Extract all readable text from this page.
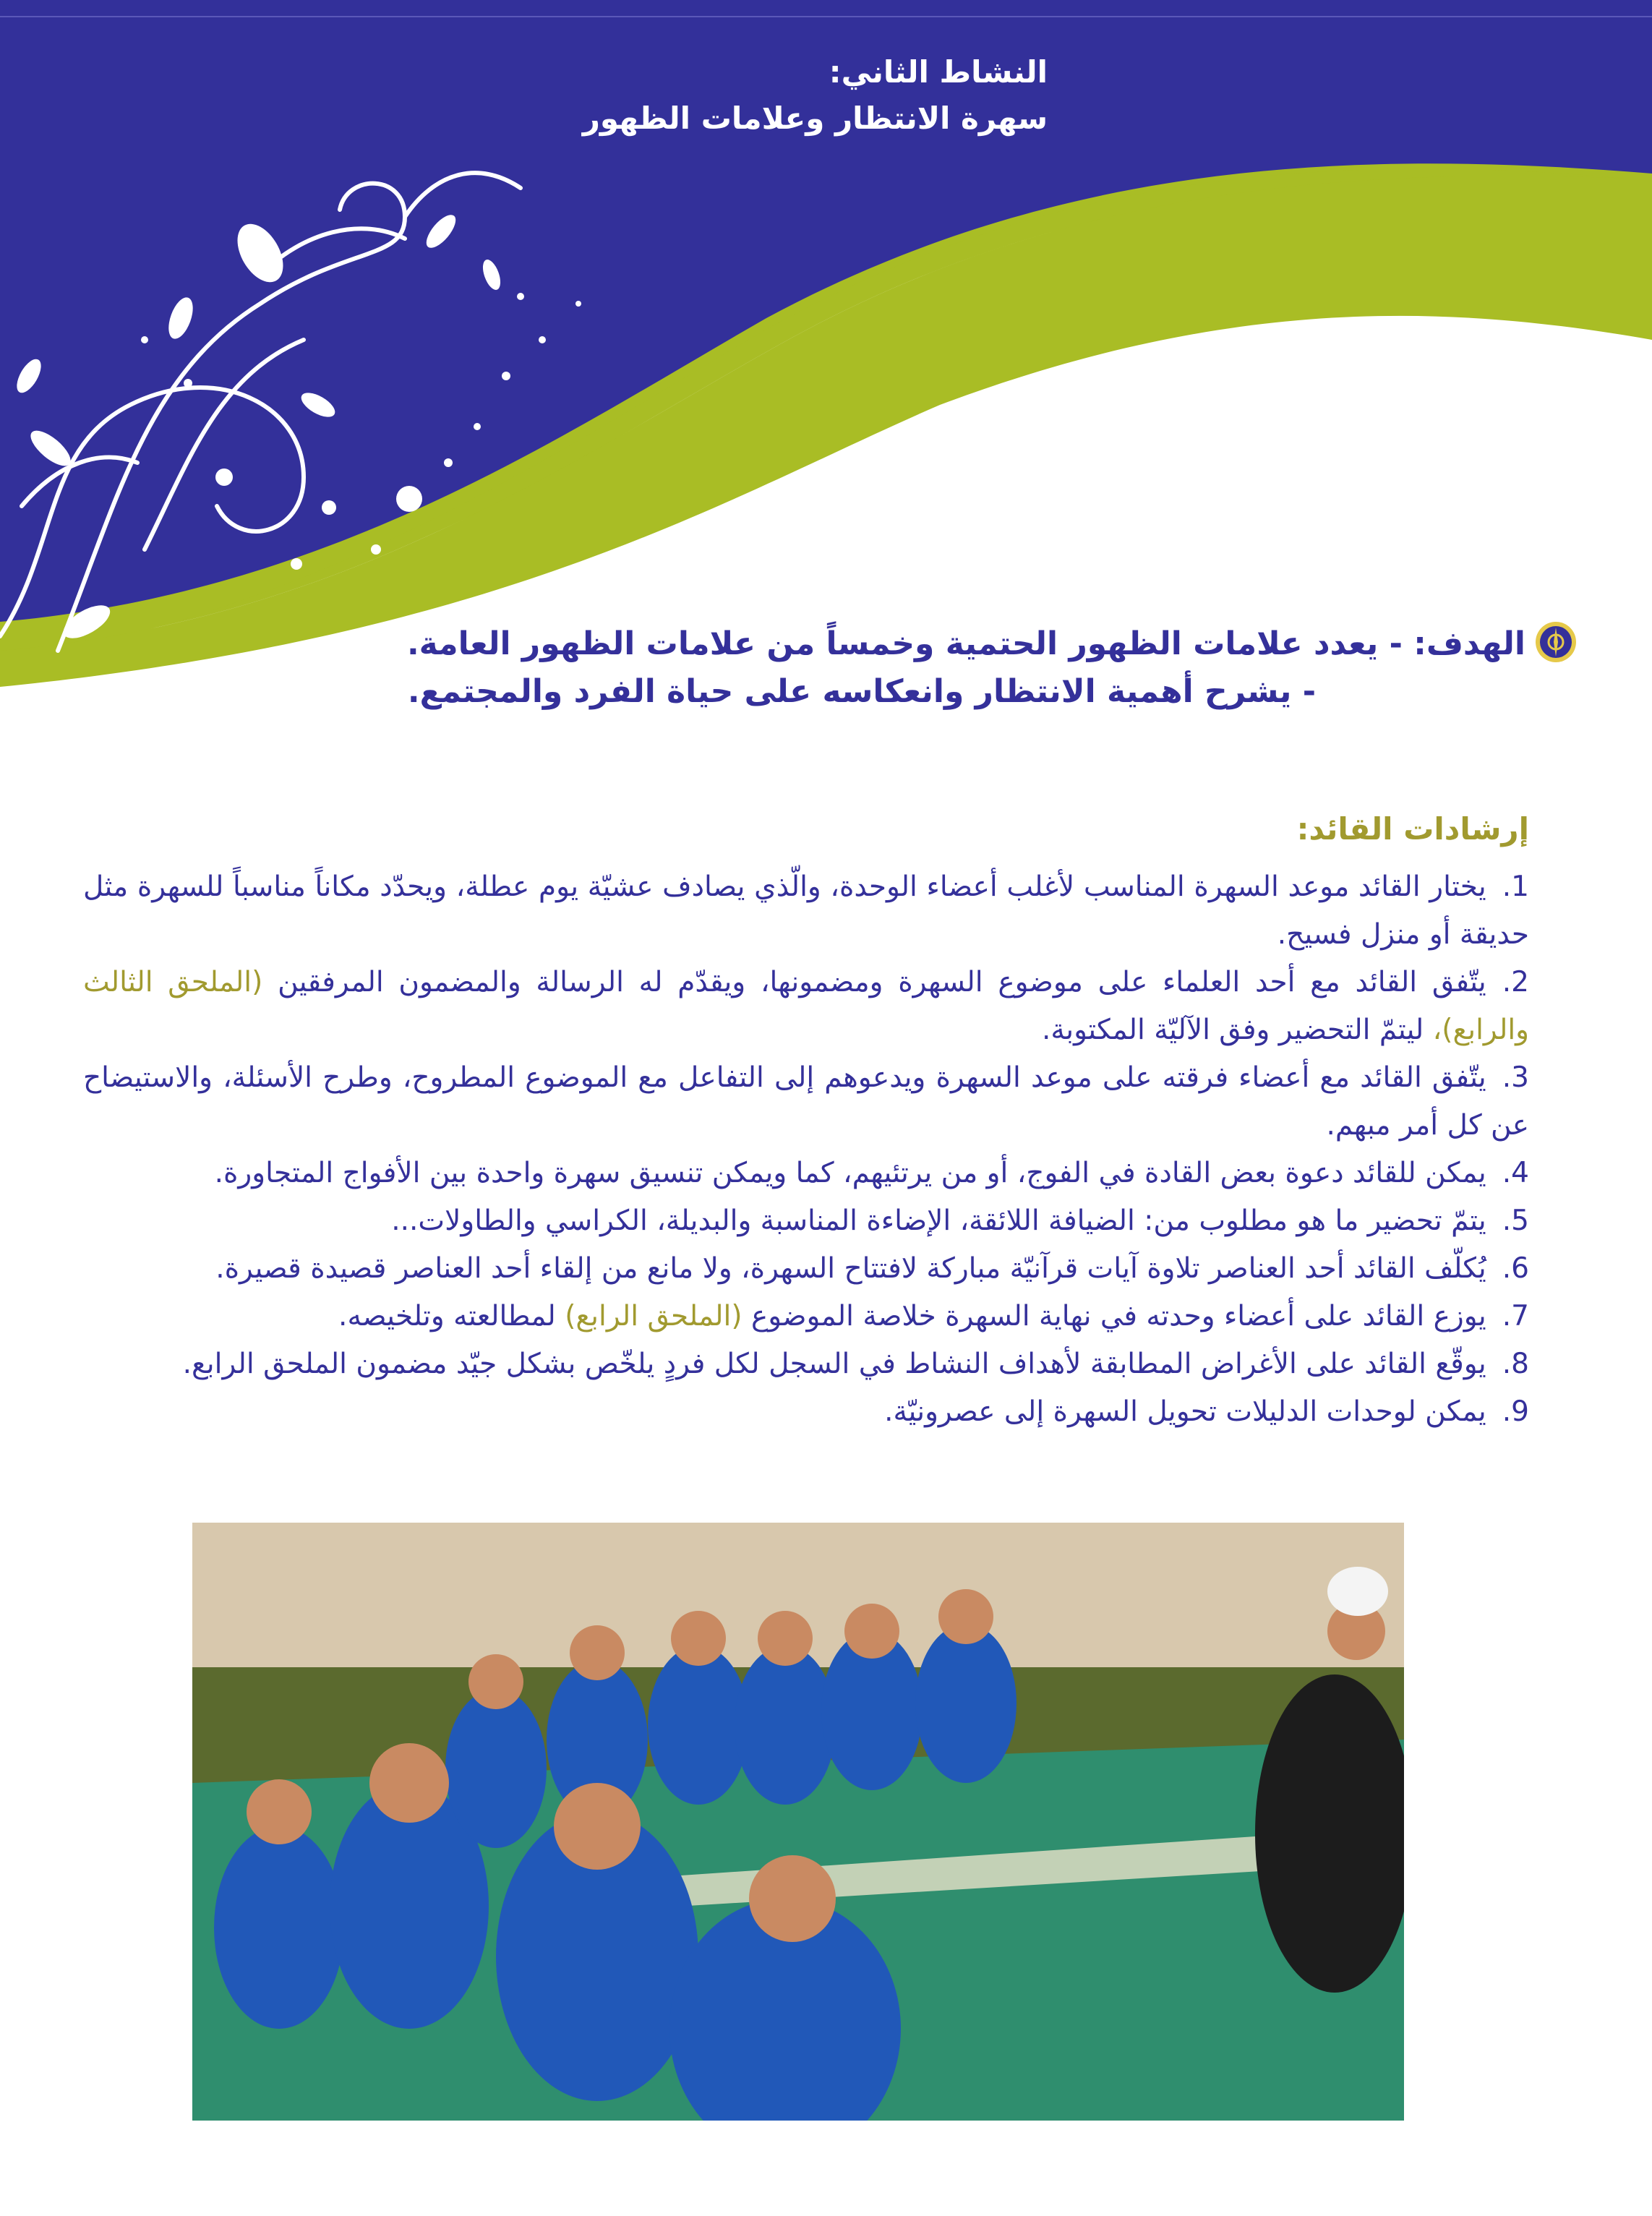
النشاط الثاني:
سهرة الانتظار وعلامات الظهور
الهدف: - يعدد علامات الظهور الحتمية وخمساً من علامات الظهور العامة.
- يشرح أهمية الانتظار وانعكاسه على حياة الفرد والمجتمع.
إرشادات القائد:
1.يختار القائد موعد السهرة المناسب لأغلب أعضاء الوحدة، والّذي يصادف عشيّة يوم عطلة، ويحدّد مكاناً مناسباً للسهرة مثل حديقة أو منزل فسيح.
2.يتّفق القائد مع أحد العلماء على موضوع السهرة ومضمونها، ويقدّم له الرسالة والمضمون المرفقين (الملحق الثالث والرابع)، ليتمّ التحضير وفق الآليّة المكتوبة.
3.يتّفق القائد مع أعضاء فرقته على موعد السهرة ويدعوهم إلى التفاعل مع الموضوع المطروح، وطرح الأسئلة، والاستيضاح عن كل أمر مبهم.
4.يمكن للقائد دعوة بعض القادة في الفوج، أو من يرتئيهم، كما ويمكن تنسيق سهرة واحدة بين الأفواج المتجاورة.
5.يتمّ تحضير ما هو مطلوب من: الضيافة اللائقة، الإضاءة المناسبة والبديلة، الكراسي والطاولات...
6.يُكلّف القائد أحد العناصر تلاوة آيات قرآنيّة مباركة لافتتاح السهرة، ولا مانع من إلقاء أحد العناصر قصيدة قصيرة.
7.يوزع القائد على أعضاء وحدته في نهاية السهرة خلاصة الموضوع (الملحق الرابع) لمطالعته وتلخيصه.
8.يوقّع القائد على الأغراض المطابقة لأهداف النشاط في السجل لكل فردٍ يلخّص بشكل جيّد مضمون الملحق الرابع.
9.يمكن لوحدات الدليلات تحويل السهرة إلى عصرونيّة.
